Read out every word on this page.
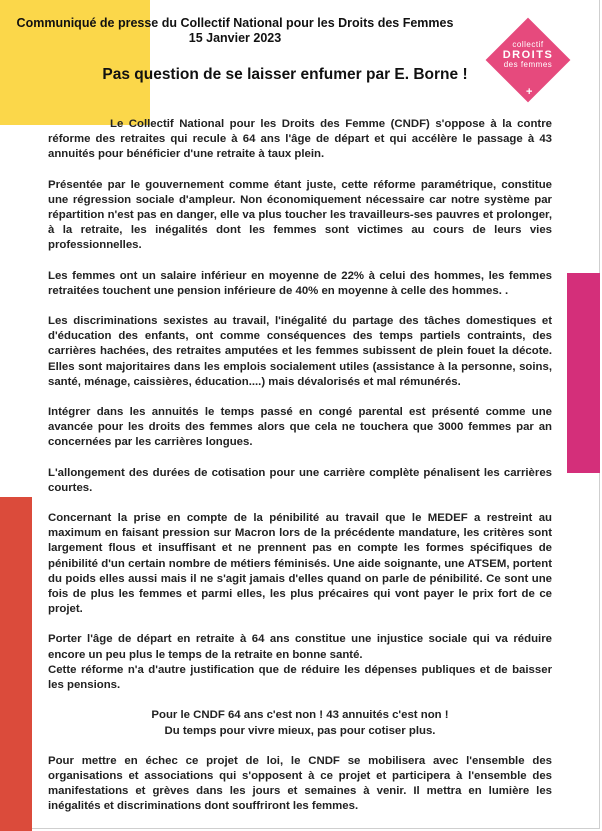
collectif
DROITS
des femmes
+
Communiqué de presse du Collectif National pour les Droits des Femmes
15 Janvier 2023
Pas question de se laisser enfumer par E. Borne !

Le Collectif National pour les Droits des Femme (CNDF) s'oppose à la contre réforme des retraites qui recule à 64 ans l'âge de départ et qui accélère le passage à 43 annuités pour bénéficier d'une retraite à taux plein.

Présentée par le gouvernement comme étant juste, cette réforme paramétrique, constitue une régression sociale d'ampleur. Non économiquement nécessaire car notre système par répartition n'est pas en danger, elle va plus toucher les travailleurs-ses pauvres et prolonger, à la retraite, les inégalités dont les femmes sont victimes au cours de leurs vies professionnelles.

Les femmes ont un salaire inférieur en moyenne de 22% à celui des hommes, les femmes retraitées touchent une pension inférieure de 40% en moyenne à celle des hommes. .

Les discriminations sexistes au travail, l'inégalité du partage des tâches domestiques et d'éducation des enfants, ont comme conséquences des temps partiels contraints, des carrières hachées, des retraites amputées et les femmes subissent de plein fouet la décote. Elles sont majoritaires dans les emplois socialement utiles (assistance à la personne, soins, santé, ménage, caissières, éducation....) mais dévalorisés et mal rémunérés.

Intégrer dans les annuités le temps passé en congé parental est présenté comme une avancée pour les droits des femmes alors que cela ne touchera que 3000 femmes par an concernées par les carrières longues.

L'allongement des durées de cotisation pour une carrière complète pénalisent les carrières courtes.

Concernant la prise en compte de la pénibilité au travail que le MEDEF a restreint au maximum en faisant pression sur Macron lors de la précédente mandature, les critères sont largement flous et insuffisant et ne prennent pas en compte les formes spécifiques de pénibilité d'un certain nombre de métiers féminisés. Une aide soignante, une ATSEM, portent du poids elles aussi mais il ne s'agit jamais d'elles quand on parle de pénibilité. Ce sont une fois de plus les femmes et parmi elles, les plus précaires qui vont payer le prix fort de ce projet.

Porter l'âge de départ en retraite à 64 ans constitue une injustice sociale qui va réduire encore un peu plus le temps de la retraite en bonne santé.
Cette réforme n'a d'autre justification que de réduire les dépenses publiques et de baisser les pensions.

Pour le CNDF 64 ans c'est non ! 43 annuités c'est non !
Du temps pour vivre mieux, pas pour cotiser plus.

Pour mettre en échec ce projet de loi, le CNDF se mobilisera avec l'ensemble des organisations et associations qui s'opposent à ce projet et participera à l'ensemble des manifestations et grèves dans les jours et semaines à venir. Il mettra en lumière les inégalités et discriminations dont souffriront les femmes.
